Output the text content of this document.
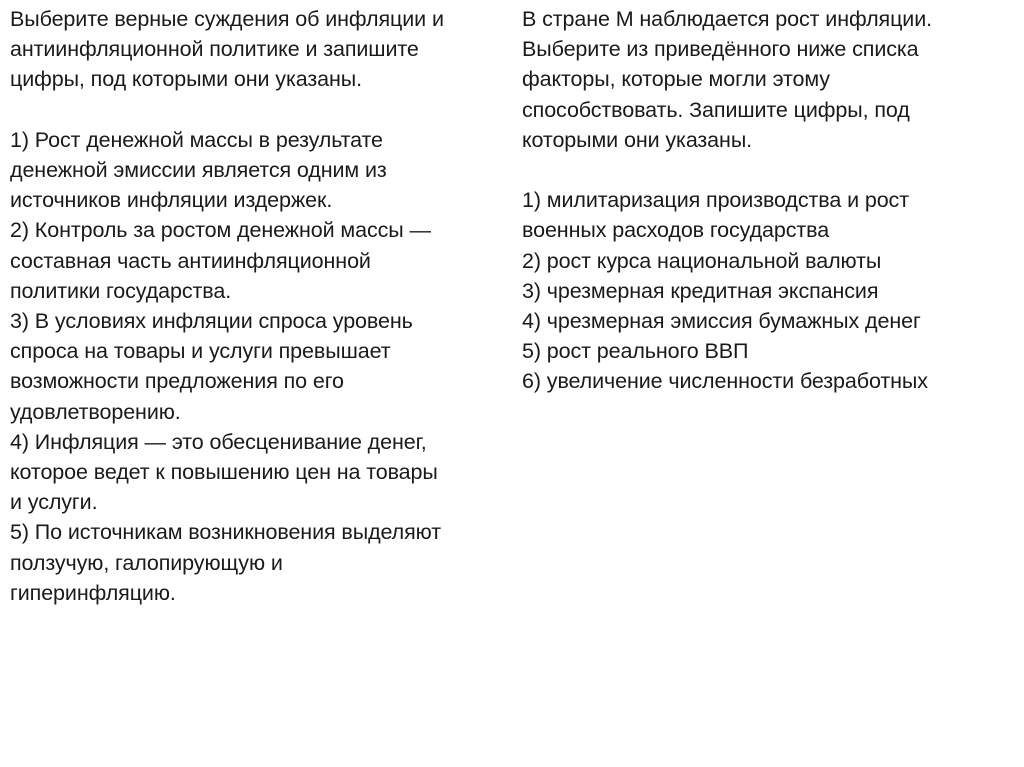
Выберите верные суждения об инфляции и
антиинфляционной политике и запишите
цифры, под которыми они указаны.
1) Рост денежной массы в результате
денежной эмиссии является одним из
источников инфляции издержек.
2) Контроль за ростом денежной массы —
составная часть антиинфляционной
политики государства.
3) В условиях инфляции спроса уровень
спроса на товары и услуги превышает
возможности предложения по его
удовлетворению.
4) Инфляция — это обесценивание денег,
которое ведет к повышению цен на товары
и услуги.
5) По источникам возникновения выделяют
ползучую, галопирующую и
гиперинфляцию.
В стране М наблюдается рост инфляции.
Выберите из приведённого ниже списка
факторы, которые могли этому
способствовать. Запишите цифры, под
которыми они указаны.
1) милитаризация производства и рост
военных расходов государства
2) рост курса национальной валюты
3) чрезмерная кредитная экспансия
4) чрезмерная эмиссия бумажных денег
5) рост реального ВВП
6) увеличение численности безработных
